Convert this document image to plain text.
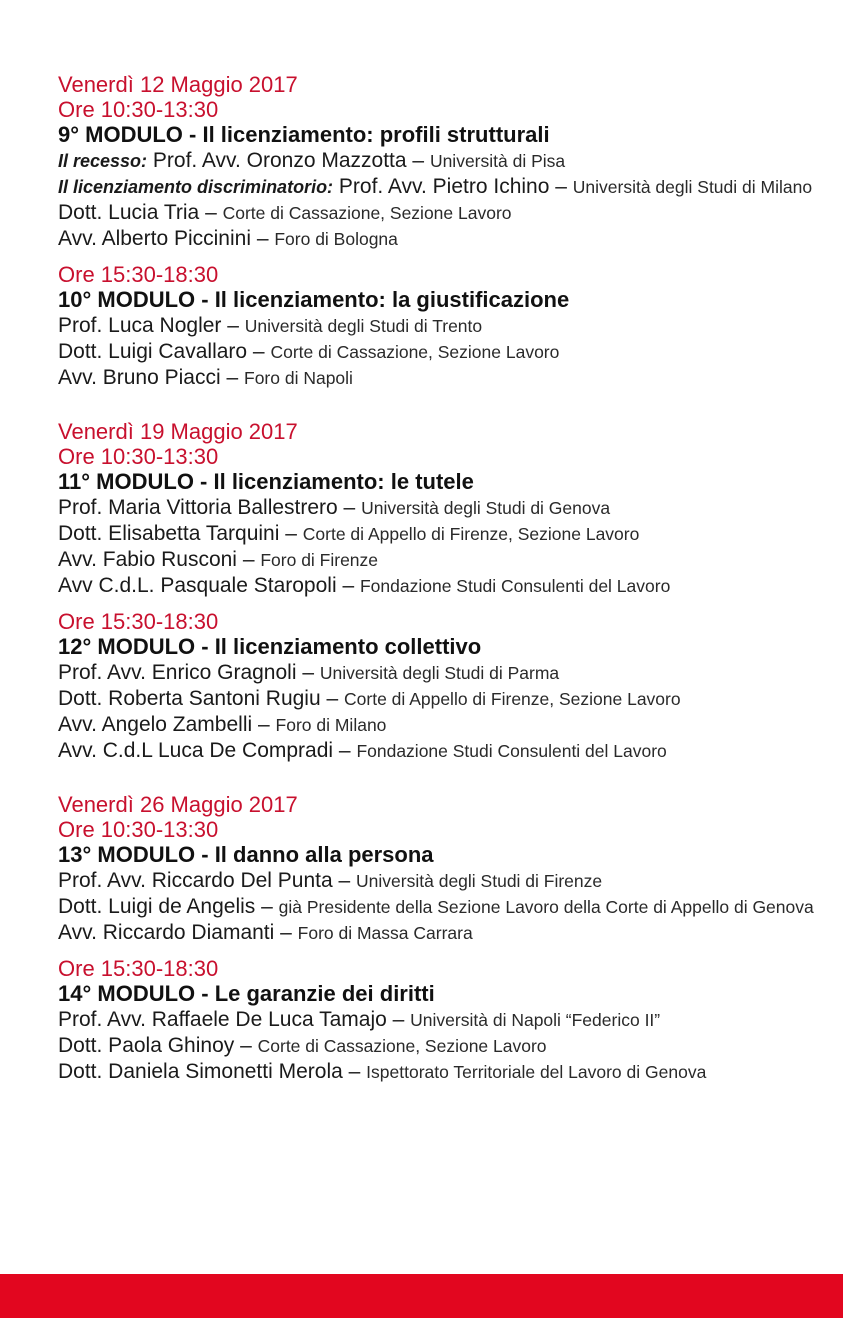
Venerdì 12 Maggio 2017

Ore 10:30-13:30

9° MODULO - Il licenziamento: profili strutturali

Il recesso: Prof. Avv. Oronzo Mazzotta – Università di Pisa

Il licenziamento discriminatorio: Prof. Avv. Pietro Ichino – Università degli Studi di Milano

Dott. Lucia Tria – Corte di Cassazione, Sezione Lavoro

Avv. Alberto Piccinini – Foro di Bologna

Ore 15:30-18:30

10° MODULO - Il licenziamento: la giustificazione

Prof. Luca Nogler – Università degli Studi di Trento

Dott. Luigi Cavallaro – Corte di Cassazione, Sezione Lavoro

Avv. Bruno Piacci – Foro di Napoli

Venerdì 19 Maggio 2017

Ore 10:30-13:30

11° MODULO - Il licenziamento: le tutele

Prof. Maria Vittoria Ballestrero – Università degli Studi di Genova

Dott. Elisabetta Tarquini – Corte di Appello di Firenze, Sezione Lavoro

Avv. Fabio Rusconi – Foro di Firenze

Avv C.d.L. Pasquale Staropoli – Fondazione Studi Consulenti del Lavoro

Ore 15:30-18:30

12° MODULO - Il licenziamento collettivo

Prof. Avv. Enrico Gragnoli – Università degli Studi di Parma

Dott. Roberta Santoni Rugiu – Corte di Appello di Firenze, Sezione Lavoro

Avv. Angelo Zambelli – Foro di Milano

Avv. C.d.L Luca De Compradi – Fondazione Studi Consulenti del Lavoro

Venerdì 26 Maggio 2017

Ore 10:30-13:30

13° MODULO - Il danno alla persona

Prof. Avv. Riccardo Del Punta – Università degli Studi di Firenze

Dott. Luigi de Angelis – già Presidente della Sezione Lavoro della Corte di Appello di Genova

Avv. Riccardo Diamanti – Foro di Massa Carrara

Ore 15:30-18:30

14° MODULO - Le garanzie dei diritti

Prof. Avv. Raffaele De Luca Tamajo – Università di Napoli “Federico II”

Dott. Paola Ghinoy – Corte di Cassazione, Sezione Lavoro

Dott. Daniela Simonetti Merola – Ispettorato Territoriale del Lavoro di Genova
